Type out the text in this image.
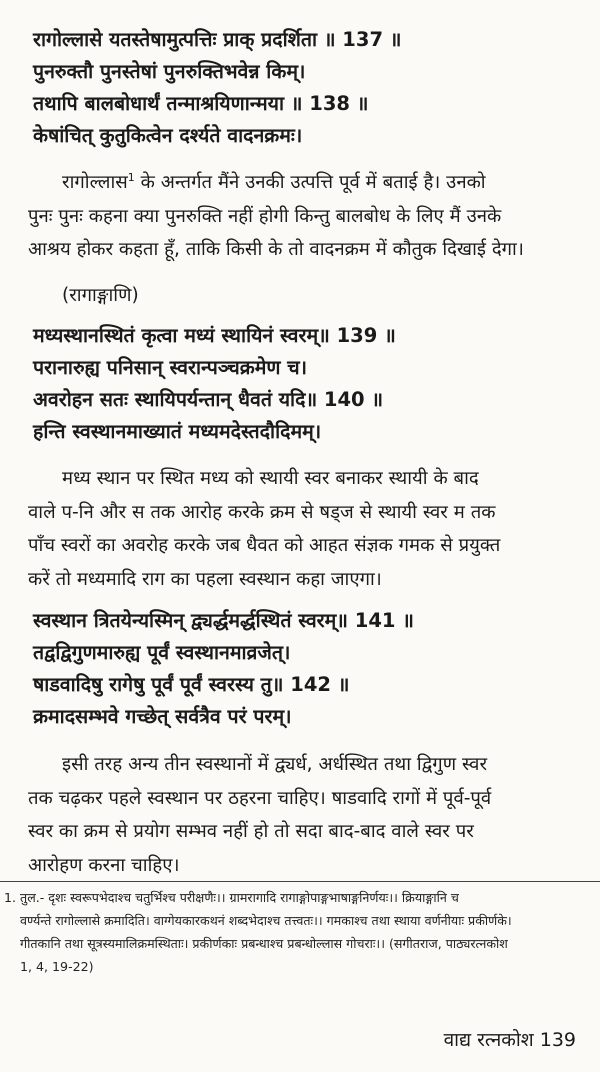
रागोल्लासे यतस्तेषामुत्पत्तिः प्राक् प्रदर्शिता ॥ 137 ॥
पुनरुक्तौ पुनस्तेषां पुनरुक्तिभवेन्न किम्।
तथापि बालबोधार्थं तन्माश्रयिणान्मया ॥ 138 ॥
केषांचित् कुतुकित्वेन दर्श्यते वादनक्रमः।
रागोल्लास$^1$ के अन्तर्गत मैंने उनकी उत्पत्ति पूर्व में बताई है। उनको
पुनः पुनः कहना क्या पुनरुक्ति नहीं होगी किन्तु बालबोध के लिए मैं उनके
आश्रय होकर कहता हूँ, ताकि किसी के तो वादनक्रम में कौतुक दिखाई देगा।
(रागाङ्गाणि)
मध्यस्थानस्थितं कृत्वा मध्यं स्थायिनं स्वरम्॥ 139 ॥
परानारुह्य पनिसान् स्वरान्पञ्चक्रमेण च।
अवरोहन सतः स्थायिपर्यन्तान् धैवतं यदि॥ 140 ॥
हन्ति स्वस्थानमाख्यातं मध्यमदेस्तदौदिमम्।
मध्य स्थान पर स्थित मध्य को स्थायी स्वर बनाकर स्थायी के बाद
वाले प-नि और स तक आरोह करके क्रम से षड्ज से स्थायी स्वर म तक
पाँच स्वरों का अवरोह करके जब धैवत को आहत संज्ञक गमक से प्रयुक्त
करें तो मध्यमादि राग का पहला स्वस्थान कहा जाएगा।
स्वस्थान त्रितयेन्यस्मिन् द्व्यर्द्धमर्द्धस्थितं स्वरम्॥ 141 ॥
तद्वद्विगुणमारुह्य पूर्वं स्वस्थानमाव्रजेत्।
षाडवादिषु रागेषु पूर्वं पूर्वं स्वरस्य तु॥ 142 ॥
क्रमादसम्भवे गच्छेत् सर्वत्रैव परं परम्।
इसी तरह अन्य तीन स्वस्थानों में द्व्यर्ध, अर्धस्थित तथा द्विगुण स्वर
तक चढ़कर पहले स्वस्थान पर ठहरना चाहिए। षाडवादि रागों में पूर्व-पूर्व
स्वर का क्रम से प्रयोग सम्भव नहीं हो तो सदा बाद-बाद वाले स्वर पर
आरोहण करना चाहिए।
1. तुल.- दृशः स्वरूपभेदाश्च चतुर्भिश्च परीक्षणैः।। ग्रामरागादि रागाङ्गोपाङ्गभाषाङ्गनिर्णयः।। क्रियाङ्गानि च
वर्ण्यन्ते रागोल्लासे क्रमादिति। वाग्गेयकारकथनं शब्दभेदाश्च तत्त्वतः।। गमकाश्च तथा स्थाया वर्णनीयाः प्रकीर्णके।
गीतकानि तथा सूत्रस्यमालिक्रमस्थिताः। प्रकीर्णकाः प्रबन्धाश्च प्रबन्धोल्लास गोचराः।। (सगीतराज, पाठ्यरत्नकोश
1, 4, 19-22)
वाद्य रत्नकोश 139
